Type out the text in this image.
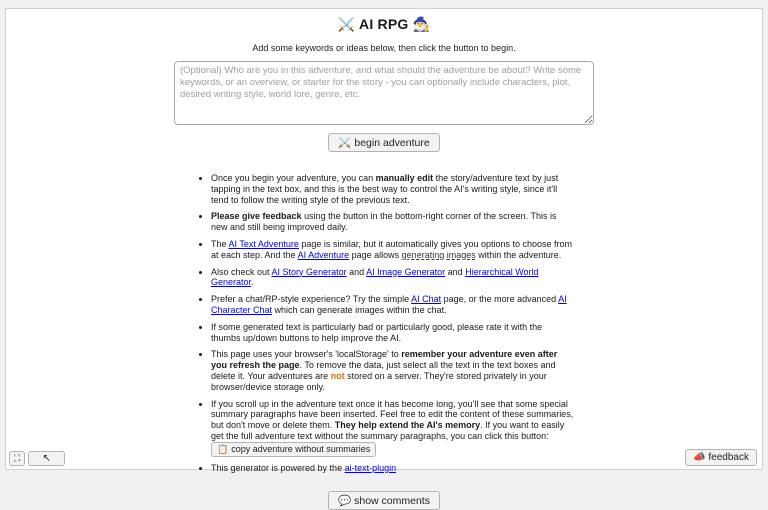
⚔️ AI RPG 🧙‍♂️
Add some keywords or ideas below, then click the button to begin.
(Optional) Who are you in this adventure, and what should the adventure be about? Write some keywords, or an overview, or starter for the story - you can optionally include characters, plot, desired writing style, world lore, genre, etc.
⚔️ begin adventure
• Once you begin your adventure, you can manually edit the story/adventure text by just tapping in the text box, and this is the best way to control the AI's writing style, since it'll tend to follow the writing style of the previous text.
• Please give feedback using the button in the bottom-right corner of the screen. This is new and still being improved daily.
• The AI Text Adventure page is similar, but it automatically gives you options to choose from at each step. And the AI Adventure page allows generating images within the adventure.
• Also check out AI Story Generator and AI Image Generator and Hierarchical World Generator.
• Prefer a chat/RP-style experience? Try the simple AI Chat page, or the more advanced AI Character Chat which can generate images within the chat.
• If some generated text is particularly bad or particularly good, please rate it with the thumbs up/down buttons to help improve the AI.
• This page uses your browser's 'localStorage' to remember your adventure even after you refresh the page. To remove the data, just select all the text in the text boxes and delete it. Your adventures are not stored on a server. They're stored privately in your browser/device storage only.
• If you scroll up in the adventure text once it has become long, you'll see that some special summary paragraphs have been inserted. Feel free to edit the content of these summaries, but don't move or delete them. They help extend the AI's memory. If you want to easily get the full adventure text without the summary paragraphs, you can click this button: 📋 copy adventure without summaries
• This generator is powered by the ai-text-plugin
💬 show comments
⛶	↖	📣 feedback
